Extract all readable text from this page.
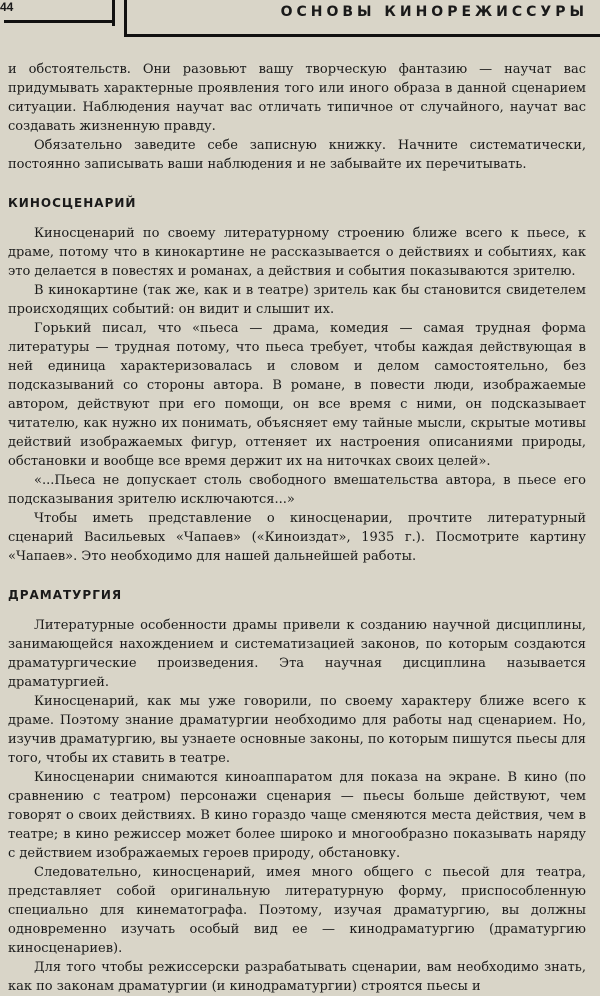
44	ОСНОВЫ КИНОРЕЖИССУРЫ

и обстоятельств. Они разовьют вашу творческую фантазию — научат вас придумывать характерные проявления того или иного образа в данной сценарием ситуации. Наблюдения научат вас отличать типичное от случайного, научат вас создавать жизненную правду.

Обязательно заведите себе записную книжку. Начните систематически, постоянно записывать ваши наблюдения и не забывайте их перечитывать.

КИНОСЦЕНАРИЙ

Киносценарий по своему литературному строению ближе всего к пьесе, к драме, потому что в кинокартине не рассказывается о действиях и событиях, как это делается в повестях и романах, а действия и события показываются зрителю.

В кинокартине (так же, как и в театре) зритель как бы становится свидетелем происходящих событий: он видит и слышит их.

Горький писал, что «пьеса — драма, комедия — самая трудная форма литературы — трудная потому, что пьеса требует, чтобы каждая действующая в ней единица характеризовалась и словом и делом самостоятельно, без подсказываний со стороны автора. В романе, в повести люди, изображаемые автором, действуют при его помощи, он все время с ними, он подсказывает читателю, как нужно их понимать, объясняет ему тайные мысли, скрытые мотивы действий изображаемых фигур, оттеняет их настроения описаниями природы, обстановки и вообще все время держит их на ниточках своих целей».

«...Пьеса не допускает столь свободного вмешательства автора, в пьесе его подсказывания зрителю исключаются...»

Чтобы иметь представление о киносценарии, прочтите литературный сценарий Васильевых «Чапаев» («Киноиздат», 1935 г.). Посмотрите картину «Чапаев». Это необходимо для нашей дальнейшей работы.

ДРАМАТУРГИЯ

Литературные особенности драмы привели к созданию научной дисциплины, занимающейся нахождением и систематизацией законов, по которым создаются драматургические произведения. Эта научная дисциплина называется драматургией.

Киносценарий, как мы уже говорили, по своему характеру ближе всего к драме. Поэтому знание драматургии необходимо для работы над сценарием. Но, изучив драматургию, вы узнаете основные законы, по которым пишутся пьесы для того, чтобы их ставить в театре.

Киносценарии снимаются киноаппаратом для показа на экране. В кино (по сравнению с театром) персонажи сценария — пьесы больше действуют, чем говорят о своих действиях. В кино гораздо чаще сменяются места действия, чем в театре; в кино режиссер может более широко и многообразно показывать наряду с действием изображаемых героев природу, обстановку.

Следовательно, киносценарий, имея много общего с пьесой для театра, представляет собой оригинальную литературную форму, приспособленную специально для кинематографа. Поэтому, изучая драматургию, вы должны одновременно изучать особый вид ее — кинодраматургию (драматургию киносценариев).

Для того чтобы режиссерски разрабатывать сценарии, вам необходимо знать, как по законам драматургии (и кинодраматургии) строятся пьесы и
